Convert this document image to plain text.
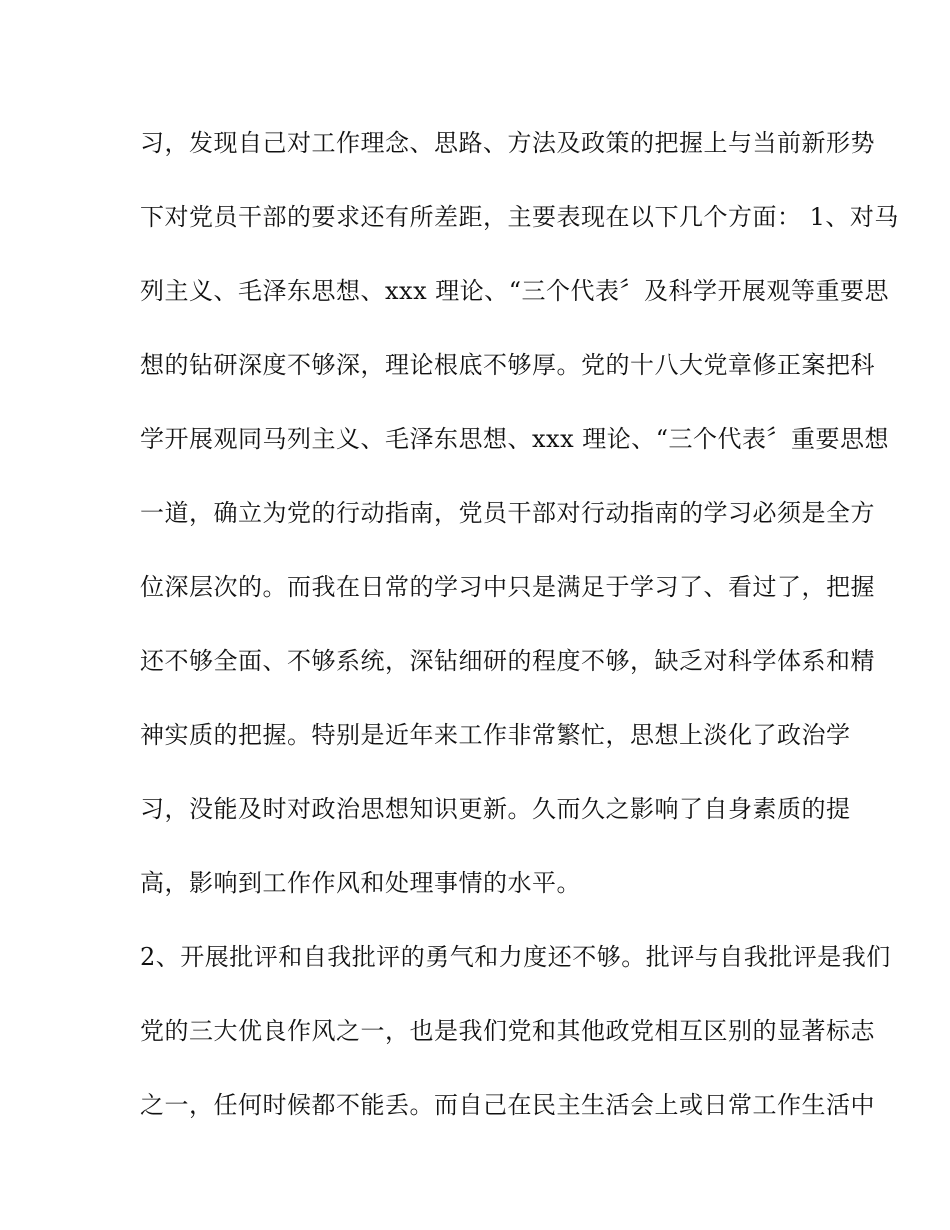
习，发现自己对工作理念、思路、方法及政策的把握上与当前新形势
下对党员干部的要求还有所差距，主要表现在以下几个方面： 1、对马
列主义、毛泽东思想、xxx 理论、“三个代表〞及科学开展观等重要思
想的钻研深度不够深，理论根底不够厚。党的十八大党章修正案把科
学开展观同马列主义、毛泽东思想、xxx 理论、“三个代表〞重要思想
一道，确立为党的行动指南，党员干部对行动指南的学习必须是全方
位深层次的。而我在日常的学习中只是满足于学习了、看过了，把握
还不够全面、不够系统，深钻细研的程度不够，缺乏对科学体系和精
神实质的把握。特别是近年来工作非常繁忙，思想上淡化了政治学
习，没能及时对政治思想知识更新。久而久之影响了自身素质的提
高，影响到工作作风和处理事情的水平。
2、开展批评和自我批评的勇气和力度还不够。批评与自我批评是我们
党的三大优良作风之一，也是我们党和其他政党相互区别的显著标志
之一，任何时候都不能丢。而自己在民主生活会上或日常工作生活中
